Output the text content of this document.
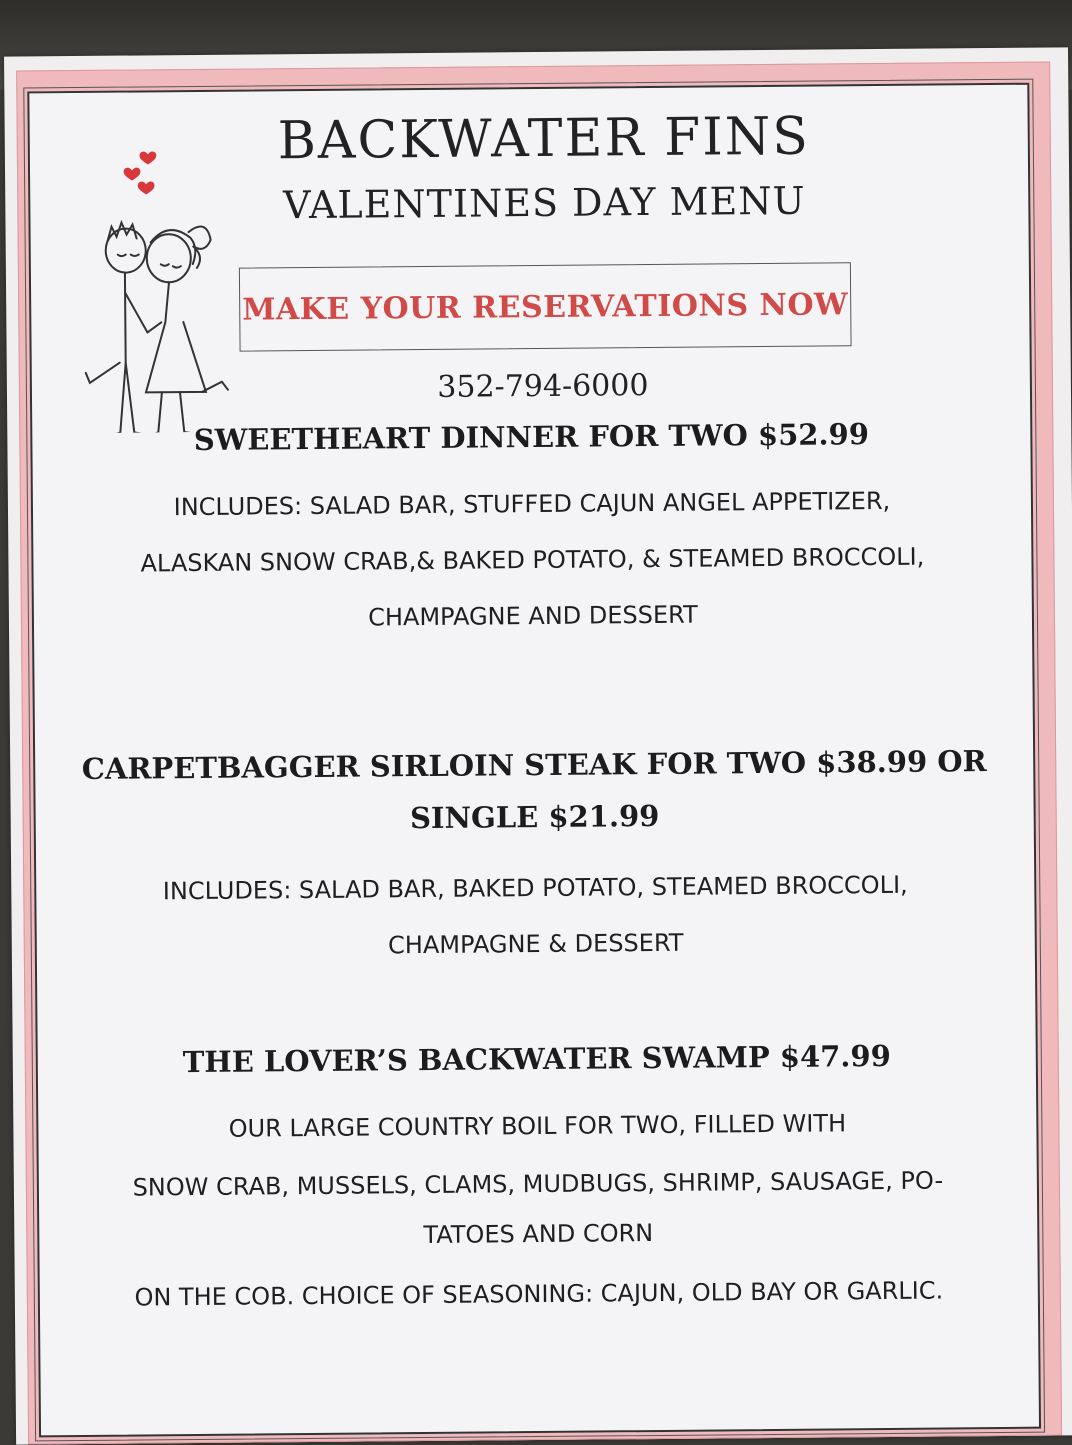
BACKWATER FINS
VALENTINES DAY MENU
MAKE YOUR RESERVATIONS NOW
352-794-6000
SWEETHEART DINNER FOR TWO $52.99
INCLUDES: SALAD BAR, STUFFED CAJUN ANGEL APPETIZER,
ALASKAN SNOW CRAB,& BAKED POTATO, & STEAMED BROCCOLI,
CHAMPAGNE AND DESSERT
CARPETBAGGER SIRLOIN STEAK FOR TWO $38.99 OR
SINGLE $21.99
INCLUDES: SALAD BAR, BAKED POTATO, STEAMED BROCCOLI,
CHAMPAGNE & DESSERT
THE LOVER’S BACKWATER SWAMP $47.99
OUR LARGE COUNTRY BOIL FOR TWO, FILLED WITH
SNOW CRAB, MUSSELS, CLAMS, MUDBUGS, SHRIMP, SAUSAGE, PO-
TATOES AND CORN
ON THE COB. CHOICE OF SEASONING: CAJUN, OLD BAY OR GARLIC.
